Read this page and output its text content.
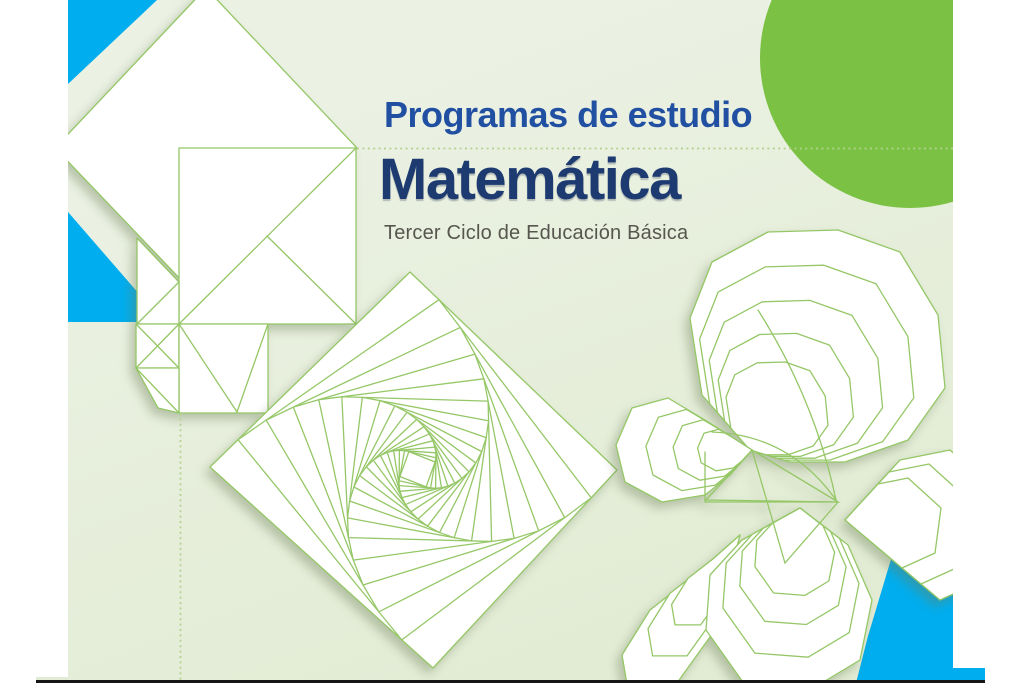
Programas de estudio
Matemática
Tercer Ciclo de Educación Básica
